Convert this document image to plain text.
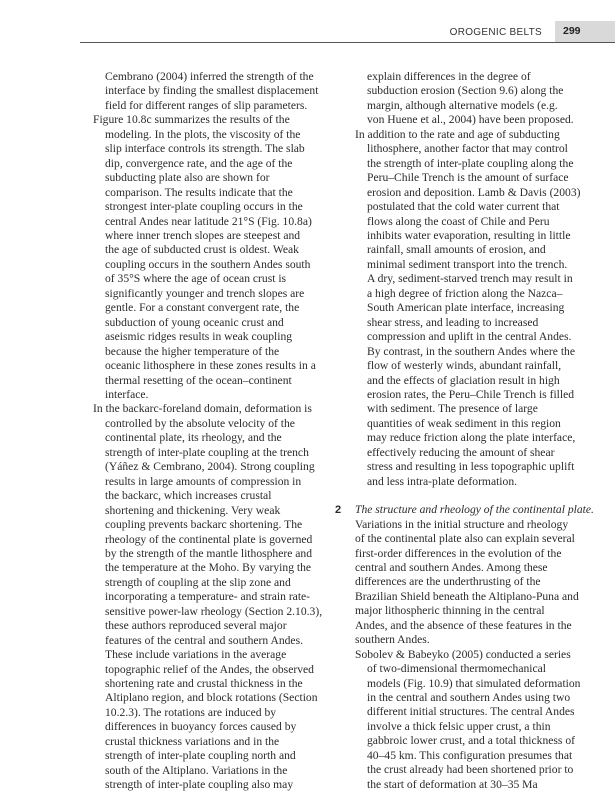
OROGENIC BELTS	299

Cembrano (2004) inferred the strength of the
interface by finding the smallest displacement
field for different ranges of slip parameters.

Figure 10.8c summarizes the results of the
modeling. In the plots, the viscosity of the
slip interface controls its strength. The slab
dip, convergence rate, and the age of the
subducting plate also are shown for
comparison. The results indicate that the
strongest inter-plate coupling occurs in the
central Andes near latitude 21°S (Fig. 10.8a)
where inner trench slopes are steepest and
the age of subducted crust is oldest. Weak
coupling occurs in the southern Andes south
of 35°S where the age of ocean crust is
significantly younger and trench slopes are
gentle. For a constant convergent rate, the
subduction of young oceanic crust and
aseismic ridges results in weak coupling
because the higher temperature of the
oceanic lithosphere in these zones results in a
thermal resetting of the ocean–continent
interface.

In the backarc-foreland domain, deformation is
controlled by the absolute velocity of the
continental plate, its rheology, and the
strength of inter-plate coupling at the trench
(Yáñez & Cembrano, 2004). Strong coupling
results in large amounts of compression in
the backarc, which increases crustal
shortening and thickening. Very weak
coupling prevents backarc shortening. The
rheology of the continental plate is governed
by the strength of the mantle lithosphere and
the temperature at the Moho. By varying the
strength of coupling at the slip zone and
incorporating a temperature- and strain rate-
sensitive power-law rheology (Section 2.10.3),
these authors reproduced several major
features of the central and southern Andes.
These include variations in the average
topographic relief of the Andes, the observed
shortening rate and crustal thickness in the
Altiplano region, and block rotations (Section
10.2.3). The rotations are induced by
differences in buoyancy forces caused by
crustal thickness variations and in the
strength of inter-plate coupling north and
south of the Altiplano. Variations in the
strength of inter-plate coupling also may

explain differences in the degree of
subduction erosion (Section 9.6) along the
margin, although alternative models (e.g.
von Huene et al., 2004) have been proposed.

In addition to the rate and age of subducting
lithosphere, another factor that may control
the strength of inter-plate coupling along the
Peru–Chile Trench is the amount of surface
erosion and deposition. Lamb & Davis (2003)
postulated that the cold water current that
flows along the coast of Chile and Peru
inhibits water evaporation, resulting in little
rainfall, small amounts of erosion, and
minimal sediment transport into the trench.
A dry, sediment-starved trench may result in
a high degree of friction along the Nazca–
South American plate interface, increasing
shear stress, and leading to increased
compression and uplift in the central Andes.
By contrast, in the southern Andes where the
flow of westerly winds, abundant rainfall,
and the effects of glaciation result in high
erosion rates, the Peru–Chile Trench is filled
with sediment. The presence of large
quantities of weak sediment in this region
may reduce friction along the plate interface,
effectively reducing the amount of shear
stress and resulting in less topographic uplift
and less intra-plate deformation.

2 The structure and rheology of the continental plate.

Variations in the initial structure and rheology
of the continental plate also can explain several
first-order differences in the evolution of the
central and southern Andes. Among these
differences are the underthrusting of the
Brazilian Shield beneath the Altiplano-Puna and
major lithospheric thinning in the central
Andes, and the absence of these features in the
southern Andes.

Sobolev & Babeyko (2005) conducted a series
of two-dimensional thermomechanical
models (Fig. 10.9) that simulated deformation
in the central and southern Andes using two
different initial structures. The central Andes
involve a thick felsic upper crust, a thin
gabbroic lower crust, and a total thickness of
40–45 km. This configuration presumes that
the crust already had been shortened prior to
the start of deformation at 30–35 Ma
